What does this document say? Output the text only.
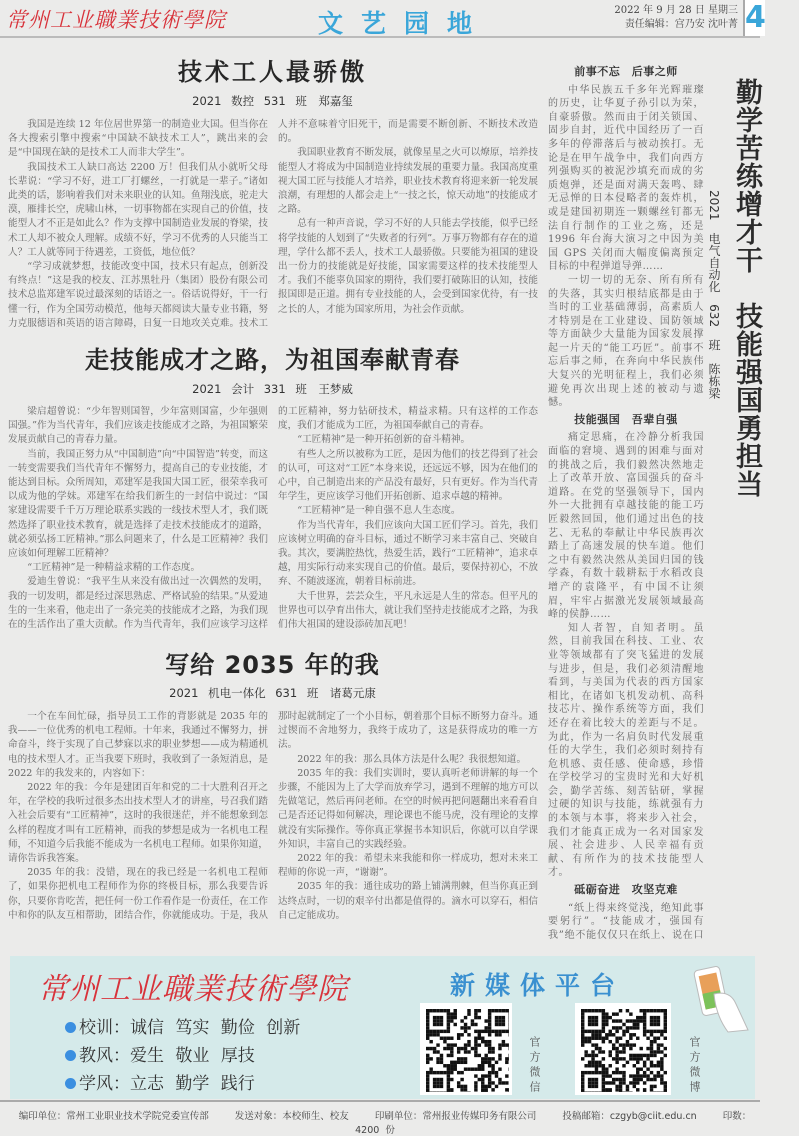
常州工业職業技術學院	文艺园地	2022 年 9 月 28 日 星期三
责任编辑：宫乃安 沈叶菁 4
技术工人最骄傲
2021 数控 531 班　郑嘉玺

我国是连续 12 年位居世界第一的制造业大国。但当你在各大搜索引擎中搜索“中国缺不缺技术工人”，跳出来的会是“中国现在缺的是技术工人而非大学生”。

我国技术工人缺口高达 2200 万！但我们从小就听父母长辈说：“学习不好，进工厂打螺丝，一打就是一辈子。”诸如此类的话，影响着我们对未来职业的认知。鱼翔浅底，驼走大漠，雁排长空，虎啸山林，一切事物都在实现自己的价值，技能型人才不正是如此么？作为支撑中国制造业发展的脊梁，技术工人却不被众人理解。成绩不好，学习不优秀的人只能当工人？工人就等同于待遇差，工资低，地位低？

“学习成就梦想，技能改变中国，技术只有起点，创新没有终点！”这是我的校友、江苏黑牡丹（集团）股份有限公司技术总监郑建军说过最深刻的话语之一。俗话说得好，干一行懂一行，作为全国劳动模范，他每天都阅读大量专业书籍，努力克服德语和英语的语言障碍，日复一日地攻关克难。技术工人并不意味着守旧死干，而是需要不断创新、不断技术改造的。

我国职业教育不断发展，就像星星之火可以燎原，培养技能型人才将成为中国制造业持续发展的重要力量。我国高度重视大国工匠与技能人才培养，职业技术教育将迎来新一轮发展浪潮，有理想的人都会走上“一技之长，惊天动地”的技能成才之路。

总有一种声音说，学习不好的人只能去学技能，似乎已经将学技能的人划到了“失败者的行列”。万事万物都有存在的道理，学什么都不丢人，技术工人最骄傲。只要能为祖国的建设出一份力的技能就是好技能，国家需要这样的技术技能型人才。我们不能辜负国家的期待，我们要打破陈旧的认知，技能报国即是正道。拥有专业技能的人，会受到国家优待，有一技之长的人，才能为国家所用，为社会作贡献。

走技能成才之路，为祖国奉献青春
2021 会计 331 班　王梦威

梁启超曾说：“少年智则国智，少年富则国富，少年强则国强。”作为当代青年，我们应该走技能成才之路，为祖国繁荣发展贡献自己的青春力量。

当前，我国正努力从“中国制造”向“中国智造”转变，而这一转变需要我们当代青年不懈努力，提高自己的专业技能，才能达到目标。众所周知，邓建军是我国大国工匠，很荣幸我可以成为他的学妹。邓建军在给我们新生的一封信中说过：“国家建设需要千千万万理论联系实践的一线技术型人才，我们既然选择了职业技术教育，就是选择了走技术技能成才的道路，就必须弘扬工匠精神。”那么问题来了，什么是工匠精神？我们应该如何理解工匠精神？

“工匠精神”是一种精益求精的工作态度。

爱迪生曾说：“我平生从来没有做出过一次偶然的发明，我的一切发明，都是经过深思熟虑、严格试验的结果。”从爱迪生的一生来看，他走出了一条完美的技能成才之路，为我们现在的生活作出了重大贡献。作为当代青年，我们应该学习这样的工匠精神，努力钻研技术，精益求精。只有这样的工作态度，我们才能成为工匠，为祖国奉献自己的青春。

“工匠精神”是一种开拓创新的奋斗精神。

有些人之所以被称为工匠，是因为他们的技艺得到了社会的认可，可这对“工匠”本身来说，还远远不够，因为在他们的心中，自己制造出来的产品没有最好，只有更好。作为当代青年学生，更应该学习他们开拓创新、追求卓越的精神。

“工匠精神”是一种自强不息人生态度。

作为当代青年，我们应该向大国工匠们学习。首先，我们应该树立明确的奋斗目标，通过不断学习来丰富自己、突破自我。其次，要满腔热忱，热爱生活，践行“工匠精神”，追求卓越，用实际行动来实现自己的价值。最后，要保持初心，不放弃、不随波逐流，朝着目标前进。

大千世界，芸芸众生，平凡永远是人生的常态。但平凡的世界也可以孕育出伟大，就让我们坚持走技能成才之路，为我们伟大祖国的建设添砖加瓦吧！

写给 2035 年的我
2021 机电一体化 631 班　诸葛元康

一个在车间忙碌，指导员工工作的背影就是 2035 年的我——一位优秀的机电工程师。十年来，我通过不懈努力，拼命奋斗，终于实现了自己梦寐以求的职业梦想——成为精通机电的技术型人才。正当我要下班时，我收到了一条短消息，是 2022 年的我发来的，内容如下：

2022 年的我：今年是建团百年和党的二十大胜利召开之年，在学校的我听过很多杰出技术型人才的讲座，号召我们踏入社会后要有“工匠精神”，这时的我很迷茫，并不能想象到怎么样的程度才叫有工匠精神，而我的梦想是成为一名机电工程师，不知道今后我能不能成为一名机电工程师。如果你知道，请你告诉我答案。

2035 年的我：没错，现在的我已经是一名机电工程师了，如果你把机电工程师作为你的终极目标，那么我要告诉你，只要你肯吃苦，把任何一份工作看作是一份责任，在工作中和你的队友互相帮助，团结合作，你就能成功。于是，我从那时起就制定了一个小目标，朝着那个目标不断努力奋斗。通过锲而不舍地努力，我终于成功了，这是获得成功的唯一方法。

2022 年的我：那么具体方法是什么呢？我很想知道。

2035 年的我：我们实训时，要认真听老师讲解的每一个步骤，不能因为上了大学而放弃学习，遇到不理解的地方可以先做笔记，然后再问老师。在空的时候再把问题翻出来看看自己是否还记得如何解决，理论课也不能马虎，没有理论的支撑就没有实际操作。等你真正掌握书本知识后，你就可以自学课外知识，丰富自己的实践经验。

2022 年的我：希望未来我能和你一样成功，想对未来工程师的你说一声，“谢谢”。

2035 年的我：通往成功的路上铺满荆棘，但当你真正到达终点时，一切的艰辛付出都是值得的。滴水可以穿石，相信自己定能成功。

勤学苦练增才干　技能强国勇担当
2021 电气自动化 632 班　陈栋梁
前事不忘　后事之师

中华民族五千多年光辉璀璨的历史，让华夏子孙引以为荣，自豪骄傲。然而由于闭关锁国、固步自封，近代中国经历了一百多年的停滞落后与被动挨打。无论是在甲午战争中，我们向西方列强购买的被泥沙填充而成的劣质炮弹，还是面对满天轰鸣、肆无忌惮的日本侵略者的轰炸机，或是建国初期连一颗螺丝钉都无法自行制作的工业之殇，还是 1996 年台海大演习之中因为美国 GPS 关闭而大幅度偏离预定目标的中程弹道导弹……

一切一切的无奈、所有所有的失落，其实归根结底都是由于当时的工业基础薄弱，高素质人才特别是在工业建设、国防领域等方面缺少大量能为国家发展撑起一片天的“能工巧匠”。前事不忘后事之师，在奔向中华民族伟大复兴的光明征程上，我们必须避免再次出现上述的被动与遗憾。

技能强国　吾辈自强

痛定思痛，在冷静分析我国面临的窘境、遇到的困难与面对的挑战之后，我们毅然决然地走上了改革开放、富国强兵的奋斗道路。在党的坚强领导下，国内外一大批拥有卓越技能的能工巧匠毅然回国，他们通过出色的技艺、无私的奉献让中华民族再次踏上了高速发展的快车道。他们之中有毅然决然从美国归国的钱学森，有数十载耕耘于水稻改良增产的袁隆平，有中国不让须眉，牢牢占据激光发展领域最高峰的侯静……

知人者智，自知者明。虽然，目前我国在科技、工业、农业等领域都有了突飞猛进的发展与进步，但是，我们必须清醒地看到，与美国为代表的西方国家相比，在诸如飞机发动机、高科技芯片、操作系统等方面，我们还存在着比较大的差距与不足。为此，作为一名肩负时代发展重任的大学生，我们必须时刻持有危机感、责任感、使命感，珍惜在学校学习的宝贵时光和大好机会，勤学苦练、刻苦钻研，掌握过硬的知识与技能，练就强有力的本领与本事，将来步入社会，我们才能真正成为一名对国家发展、社会进步、人民幸福有贡献、有所作为的技术技能型人才。

砥砺奋进　攻坚克难

“纸上得来终觉浅，绝知此事要躬行”。“技能成才，强国有我”绝不能仅仅只在纸上、说在口

常州工业職業技術學院	新媒体平台
校训：诚信 笃实 勤俭 创新
教风：爱生 敬业 厚技
学风：立志 勤学 践行	官方微信	官方微博
编印单位：常州工业职业技术学院党委宣传部	发送对象：本校师生、校友	印刷单位：常州报业传媒印务有限公司	投稿邮箱：czgyb@ciit.edu.cn	印数：4200 份
